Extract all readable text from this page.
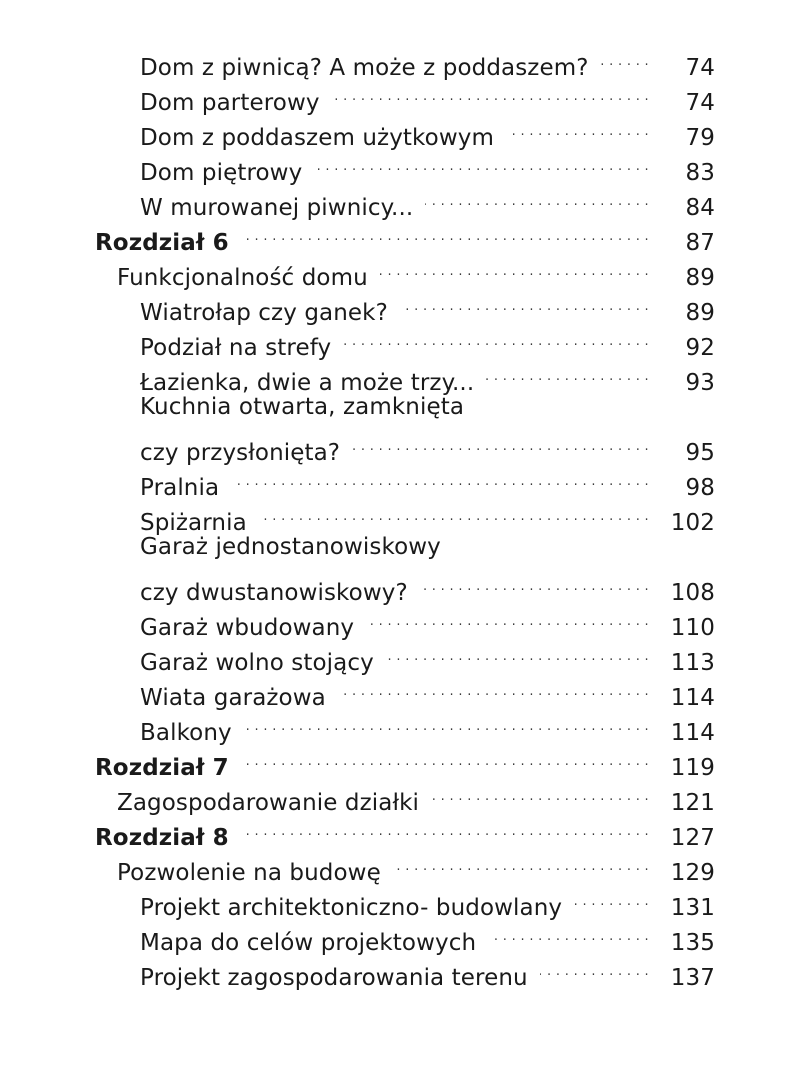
Dom z piwnicą? A może z poddaszem? . . .	74
Dom parterowy . . .	74
Dom z poddaszem użytkowym . . .	79
Dom piętrowy . . .	83
W murowanej piwnicy... . . .	84
Rozdział 6 . . .	87
Funkcjonalność domu . . .	89
Wiatrołap czy ganek? . . .	89
Podział na strefy . . .	92
Łazienka, dwie a może trzy... . . .	93
Kuchnia otwarta, zamknięta
czy przysłonięta? . . .	95
Pralnia . . .	98
Spiżarnia . . .	102
Garaż jednostanowiskowy
czy dwustanowiskowy? . . .	108
Garaż wbudowany . . .	110
Garaż wolno stojący . . .	113
Wiata garażowa . . .	114
Balkony . . .	114
Rozdział 7 . . .	119
Zagospodarowanie działki . . .	121
Rozdział 8 . . .	127
Pozwolenie na budowę . . .	129
Projekt architektoniczno- budowlany . . .	131
Mapa do celów projektowych . . .	135
Projekt zagospodarowania terenu . . .	137
